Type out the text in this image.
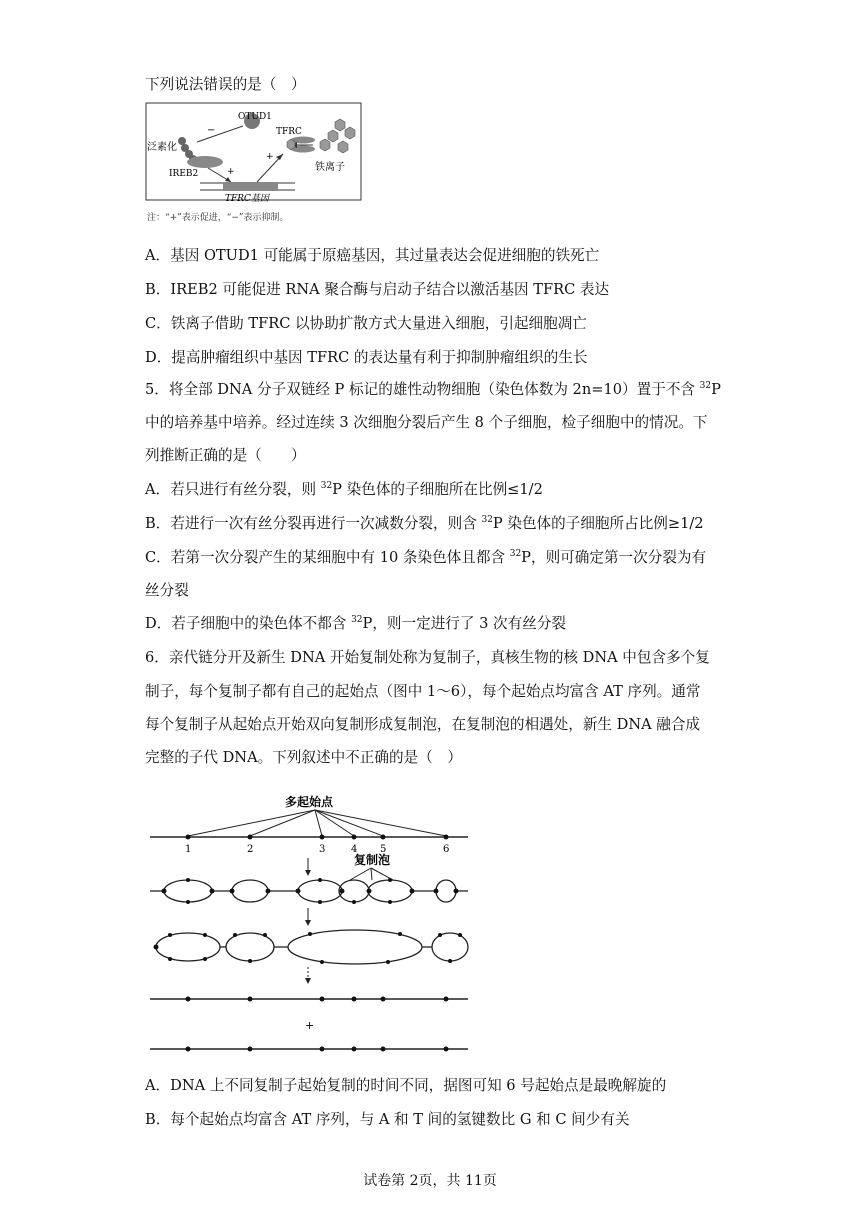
下列说法错误的是（　）
OTUD1
泛素化
−
IREB2	+
TFRC基因
+
TFRC
铁离子
注：“+”表示促进，“−”表示抑制。
A．基因 OTUD1 可能属于原癌基因，其过量表达会促进细胞的铁死亡
B．IREB2 可能促进 RNA 聚合酶与启动子结合以激活基因 TFRC 表达
C．铁离子借助 TFRC 以协助扩散方式大量进入细胞，引起细胞凋亡
D．提高肿瘤组织中基因 TFRC 的表达量有利于抑制肿瘤组织的生长
5．将全部 DNA 分子双链经 P 标记的雄性动物细胞（染色体数为 2n=10）置于不含 $^{32}$P
中的培养基中培养。经过连续 3 次细胞分裂后产生 8 个子细胞，检子细胞中的情况。下
列推断正确的是（　　）
A．若只进行有丝分裂，则 $^{32}$P 染色体的子细胞所在比例≤1/2
B．若进行一次有丝分裂再进行一次减数分裂，则含 $^{32}$P 染色体的子细胞所占比例≥1/2
C．若第一次分裂产生的某细胞中有 10 条染色体且都含 $^{32}$P，则可确定第一次分裂为有
丝分裂
D．若子细胞中的染色体不都含 $^{32}$P，则一定进行了 3 次有丝分裂
6．亲代链分开及新生 DNA 开始复制处称为复制子，真核生物的核 DNA 中包含多个复
制子，每个复制子都有自己的起始点（图中 1～6），每个起始点均富含 AT 序列。通常
每个复制子从起始点开始双向复制形成复制泡，在复制泡的相遇处，新生 DNA 融合成
完整的子代 DNA。下列叙述中不正确的是（　）
多起始点
1	2	3	4 5	6
复制泡
+
A．DNA 上不同复制子起始复制的时间不同，据图可知 6 号起始点是最晚解旋的
B．每个起始点均富含 AT 序列，与 A 和 T 间的氢键数比 G 和 C 间少有关
试卷第 2页，共 11页
